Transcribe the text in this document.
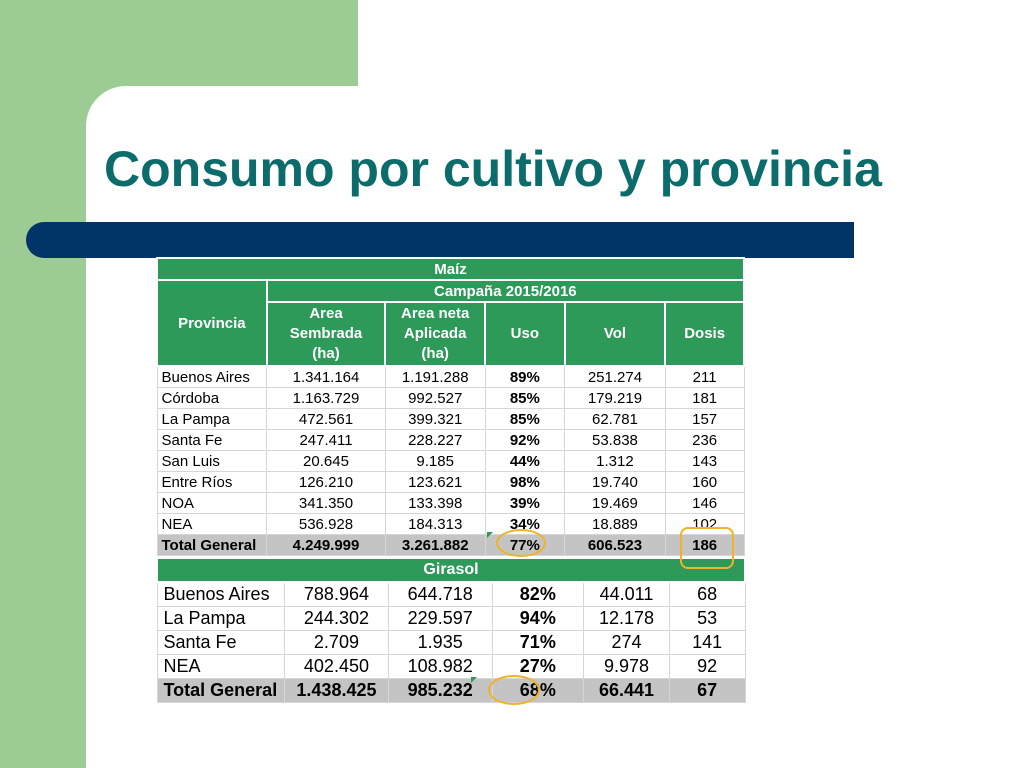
Consumo por cultivo y provincia
Maíz					
Provincia	Campaña 2015/2016				
	Area
Sembrada
(ha)	Area neta
Aplicada
(ha)	Uso	Vol	Dosis
Buenos Aires	1.341.164	1.191.288	89%	251.274	211
Córdoba	1.163.729	992.527	85%	179.219	181
La Pampa	472.561	399.321	85%	62.781	157
Santa Fe	247.411	228.227	92%	53.838	236
San Luis	20.645	9.185	44%	1.312	143
Entre Ríos	126.210	123.621	98%	19.740	160
NOA	341.350	133.398	39%	19.469	146
NEA	536.928	184.313	34%	18.889	102
Total General	4.249.999	3.261.882	77%	606.523	186
Girasol					
Buenos Aires	788.964	644.718	82%	44.011	68
La Pampa	244.302	229.597	94%	12.178	53
Santa Fe	2.709	1.935	71%	274	141
NEA	402.450	108.982	27%	9.978	92
Total General	1.438.425	985.232	68%	66.441	67
